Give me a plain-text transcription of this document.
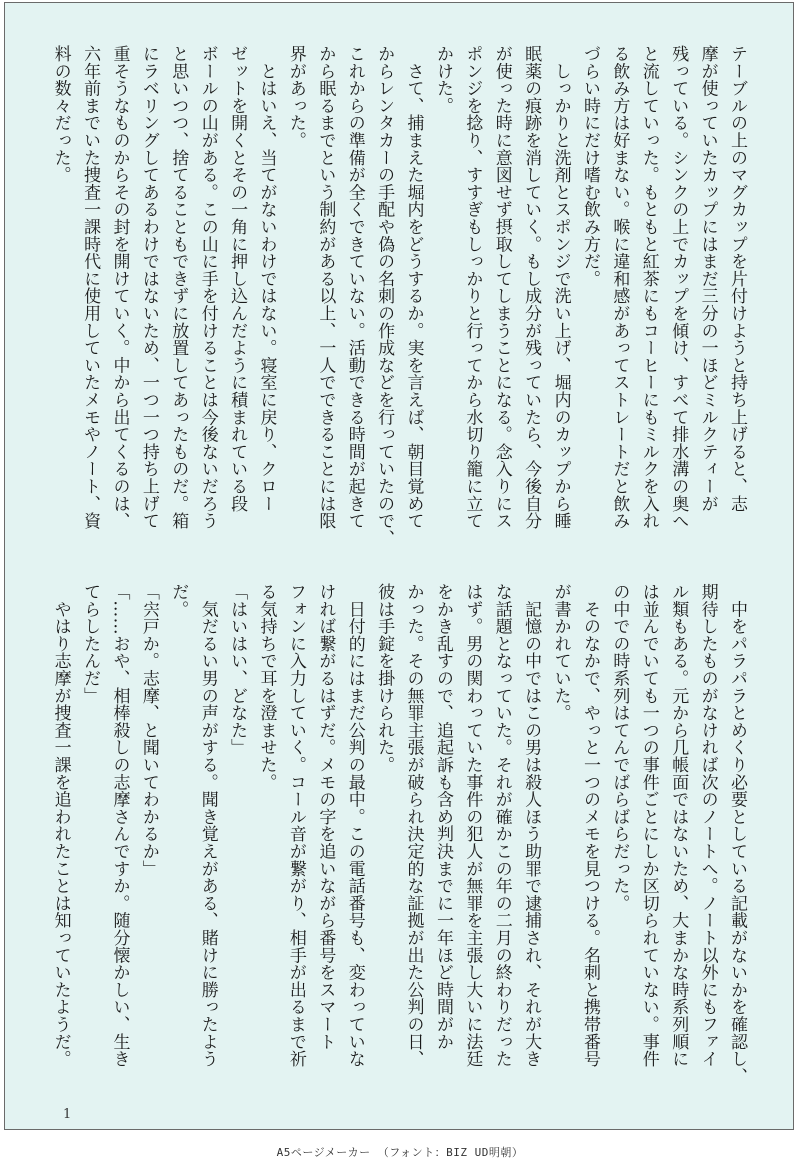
テーブルの上のマグカップを片付けようと持ち上げると、志
摩が使っていたカップにはまだ三分の一ほどミルクティーが
残っている。シンクの上でカップを傾け、すべて排水溝の奥へ
と流していった。もともと紅茶にもコーヒーにもミルクを入れ
る飲み方は好まない。喉に違和感があってストレートだと飲み
づらい時にだけ嗜む飲み方だ。
　しっかりと洗剤とスポンジで洗い上げ、堀内のカップから睡
眠薬の痕跡を消していく。もし成分が残っていたら、今後自分
が使った時に意図せず摂取してしまうことになる。念入りにス
ポンジを捻り、すすぎもしっかりと行ってから水切り籠に立て
かけた。
　さて、捕まえた堀内をどうするか。実を言えば、朝目覚めて
からレンタカーの手配や偽の名刺の作成などを行っていたので、
これからの準備が全くできていない。活動できる時間が起きて
から眠るまでという制約がある以上、一人でできることには限
界があった。
　とはいえ、当てがないわけではない。寝室に戻り、クロー
ゼットを開くとその一角に押し込んだように積まれている段
ボールの山がある。この山に手を付けることは今後ないだろう
と思いつつ、捨てることもできずに放置してあったものだ。箱
にラベリングしてあるわけではないため、一つ一つ持ち上げて
重そうなものからその封を開けていく。中から出てくるのは、
六年前までいた捜査一課時代に使用していたメモやノート、資
料の数々だった。
　中をパラパラとめくり必要としている記載がないかを確認し、
期待したものがなければ次のノートへ。ノート以外にもファイ
ル類もある。元から几帳面ではないため、大まかな時系列順に
は並んでいても一つの事件ごとにしか区切られていない。事件
の中での時系列はてんでばらばらだった。
　そのなかで、やっと一つのメモを見つける。名刺と携帯番号
が書かれていた。
　記憶の中ではこの男は殺人ほう助罪で逮捕され、それが大き
な話題となっていた。それが確かこの年の二月の終わりだった
はず。男の関わっていた事件の犯人が無罪を主張し大いに法廷
をかき乱すので、追起訴も含め判決までに一年ほど時間がか
かった。その無罪主張が破られ決定的な証拠が出た公判の日、
彼は手錠を掛けられた。
　日付的にはまだ公判の最中。この電話番号も、変わっていな
ければ繋がるはずだ。メモの字を追いながら番号をスマート
フォンに入力していく。コール音が繋がり、相手が出るまで祈
る気持ちで耳を澄ませた。
「はいはい、どなた」
　気だるい男の声がする。聞き覚えがある、賭けに勝ったよう
だ。
「宍戸か。志摩、と聞いてわかるか」
「……おや、相棒殺しの志摩さんですか。随分懐かしい、生き
てらしたんだ」
　やはり志摩が捜査一課を追われたことは知っていたようだ。
1
A5ページメーカー （フォント：BIZ UD明朝）
